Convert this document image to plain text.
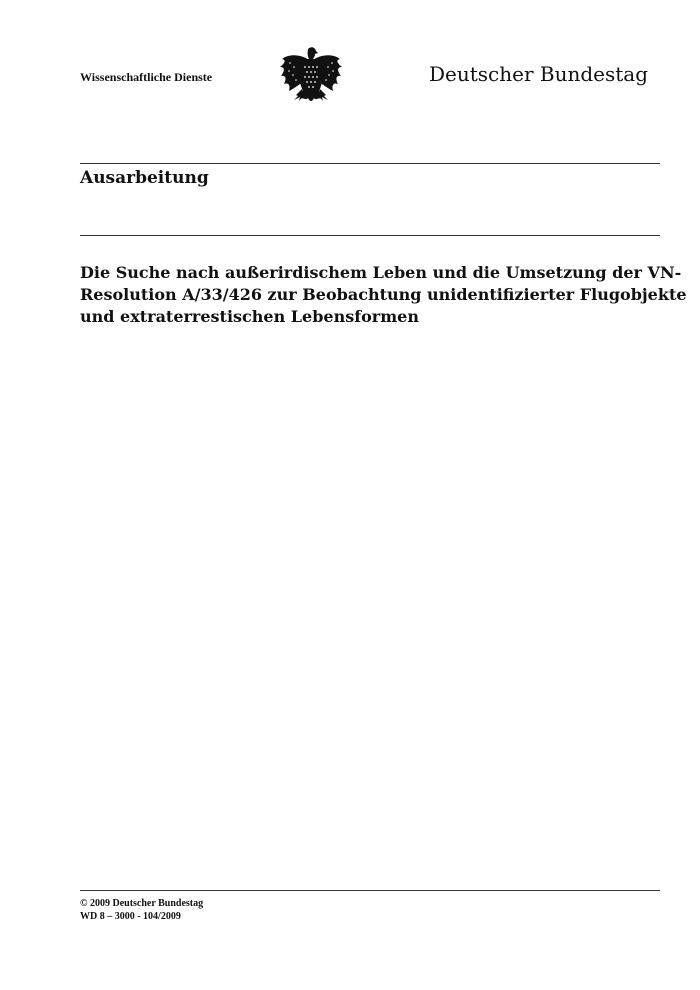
Wissenschaftliche Dienste	Deutscher Bundestag
Ausarbeitung
Die Suche nach außerirdischem Leben und die Umsetzung der VN-
Resolution A/33/426 zur Beobachtung unidentifizierter Flugobjekte
und extraterrestischen Lebensformen
© 2009 Deutscher Bundestag
WD 8 – 3000 - 104/2009
